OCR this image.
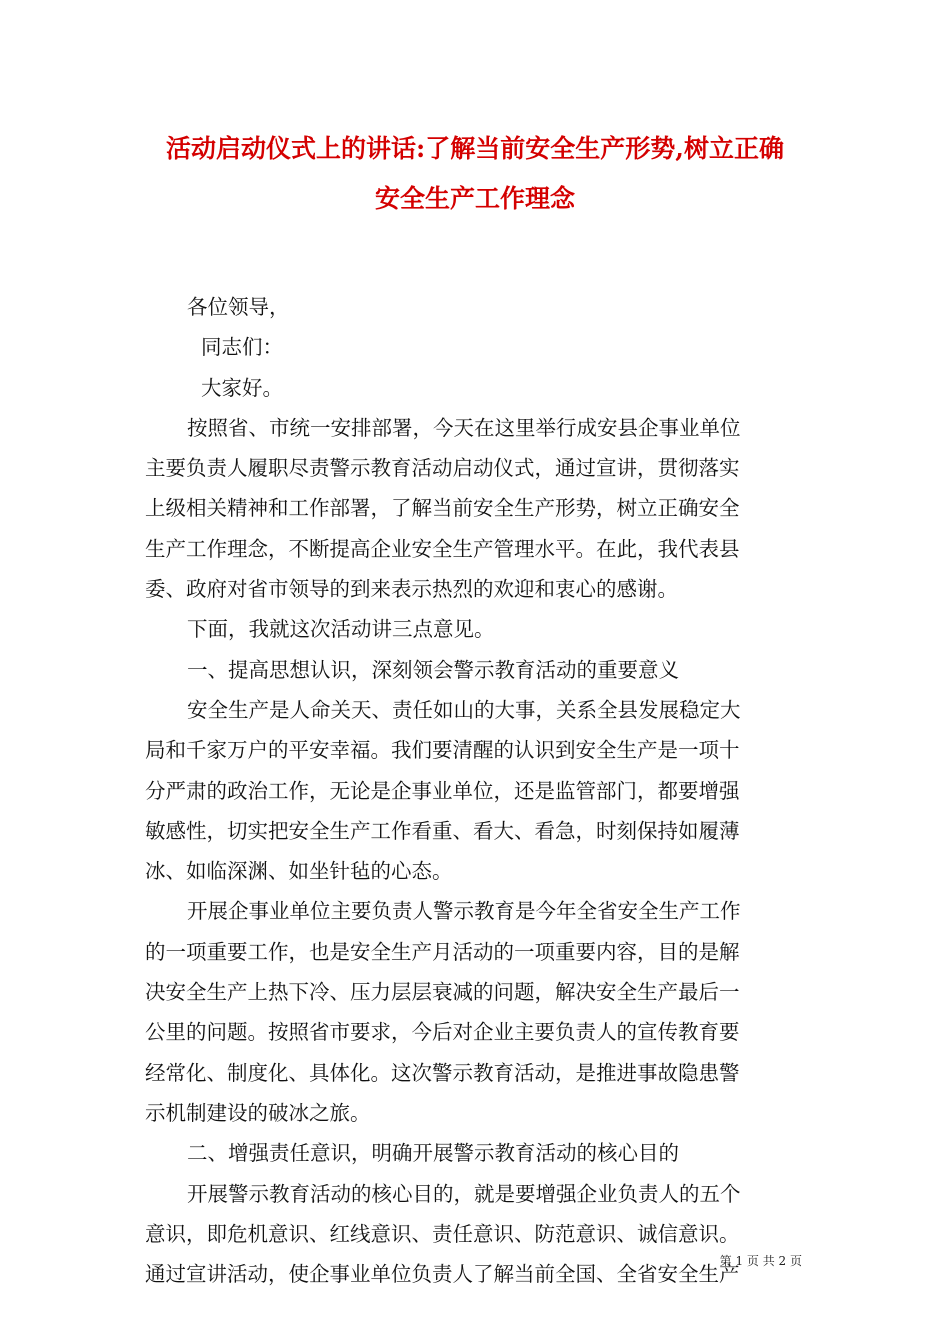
活动启动仪式上的讲话:了解当前安全生产形势,树立正确
安全生产工作理念
各位领导，
同志们：
大家好。
按照省、市统一安排部署，今天在这里举行成安县企事业单位
主要负责人履职尽责警示教育活动启动仪式，通过宣讲，贯彻落实
上级相关精神和工作部署，了解当前安全生产形势，树立正确安全
生产工作理念，不断提高企业安全生产管理水平。在此，我代表县
委、政府对省市领导的到来表示热烈的欢迎和衷心的感谢。
下面，我就这次活动讲三点意见。
一、提高思想认识，深刻领会警示教育活动的重要意义
安全生产是人命关天、责任如山的大事，关系全县发展稳定大
局和千家万户的平安幸福。我们要清醒的认识到安全生产是一项十
分严肃的政治工作，无论是企事业单位，还是监管部门，都要增强
敏感性，切实把安全生产工作看重、看大、看急，时刻保持如履薄
冰、如临深渊、如坐针毡的心态。
开展企事业单位主要负责人警示教育是今年全省安全生产工作
的一项重要工作，也是安全生产月活动的一项重要内容，目的是解
决安全生产上热下冷、压力层层衰减的问题，解决安全生产最后一
公里的问题。按照省市要求，今后对企业主要负责人的宣传教育要
经常化、制度化、具体化。这次警示教育活动，是推进事故隐患警
示机制建设的破冰之旅。
二、增强责任意识，明确开展警示教育活动的核心目的
开展警示教育活动的核心目的，就是要增强企业负责人的五个
意识，即危机意识、红线意识、责任意识、防范意识、诚信意识。
通过宣讲活动，使企事业单位负责人了解当前全国、全省安全生产
第 1 页 共 2 页
